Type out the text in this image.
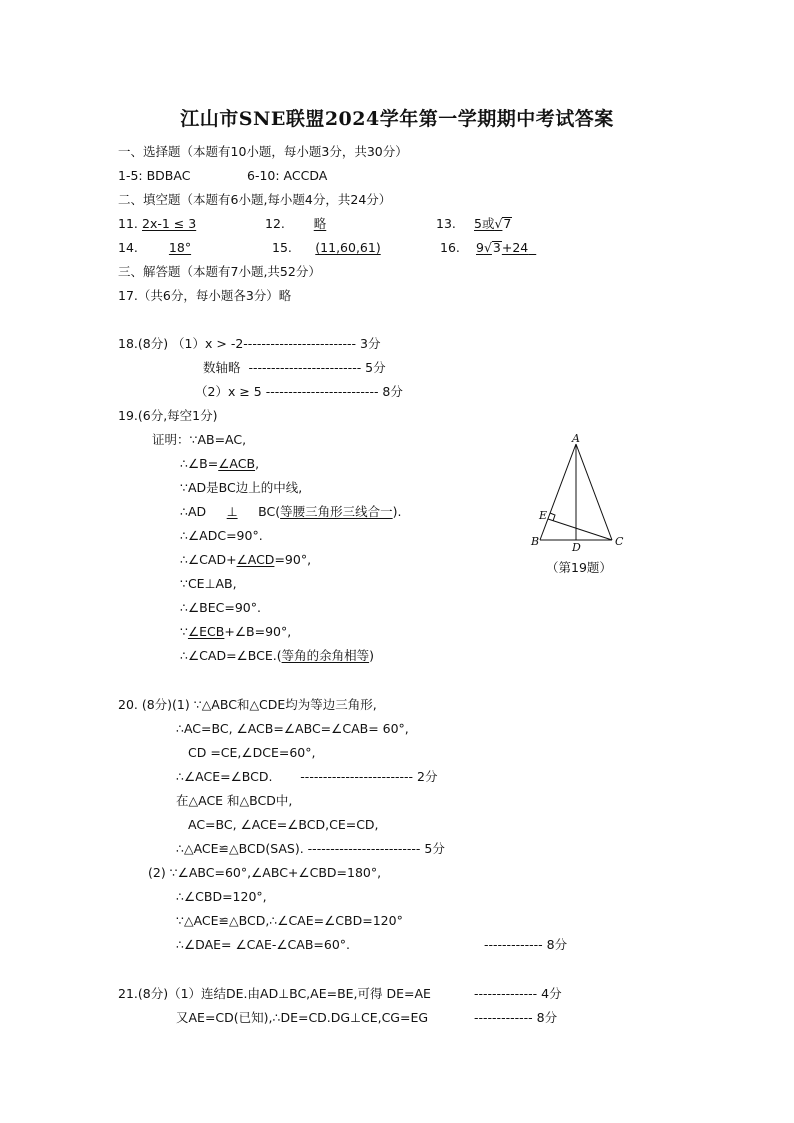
江山市SNE联盟2024学年第一学期期中考试答案
一、选择题（本题有10小题，每小题3分，共30分）
1-5: BDBAC	6-10: ACCDA
二、填空题（本题有6小题,每小题4分，共24分）
11. 2x-1 ≤ 3	12.	略	13. 5或√7
14.	18°	15.	(11,60,61)	16. 9√3+24
三、解答题（本题有7小题,共52分）
17.（共6分，每小题各3分）略
18.(8分) （1）x > -2------------------------- 3分
数轴略  ------------------------- 5分
（2）x ≥ 5 ------------------------- 8分
19.(6分,每空1分)
证明：∵AB=AC,
∴∠B=∠ACB,
∵AD是BC边上的中线,
∴AD ⊥ BC(等腰三角形三线合一).
∴∠ADC=90°.
∴∠CAD+∠ACD=90°,
∵CE⊥AB,
∴∠BEC=90°.
∵∠ECB+∠B=90°,
∴∠CAD=∠BCE.(等角的余角相等)
A
B	C
D
E
（第19题）
20. (8分)(1) ∵△ABC和△CDE均为等边三角形,
∴AC=BC, ∠ACB=∠ABC=∠CAB= 60°,
CD =CE,∠DCE=60°,
∴∠ACE=∠BCD.       ------------------------- 2分
在△ACE 和△BCD中,
AC=BC, ∠ACE=∠BCD,CE=CD,
∴△ACE≌△BCD(SAS). ------------------------- 5分
(2) ∵∠ABC=60°,∠ABC+∠CBD=180°,
∴∠CBD=120°,
∵△ACE≌△BCD,∴∠CAE=∠CBD=120°
∴∠DAE= ∠CAE-∠CAB=60°.	------------- 8分
21.(8分)（1）连结DE.由AD⊥BC,AE=BE,可得 DE=AE	-------------- 4分
又AE=CD(已知),∴DE=CD.DG⊥CE,CG=EG	------------- 8分
